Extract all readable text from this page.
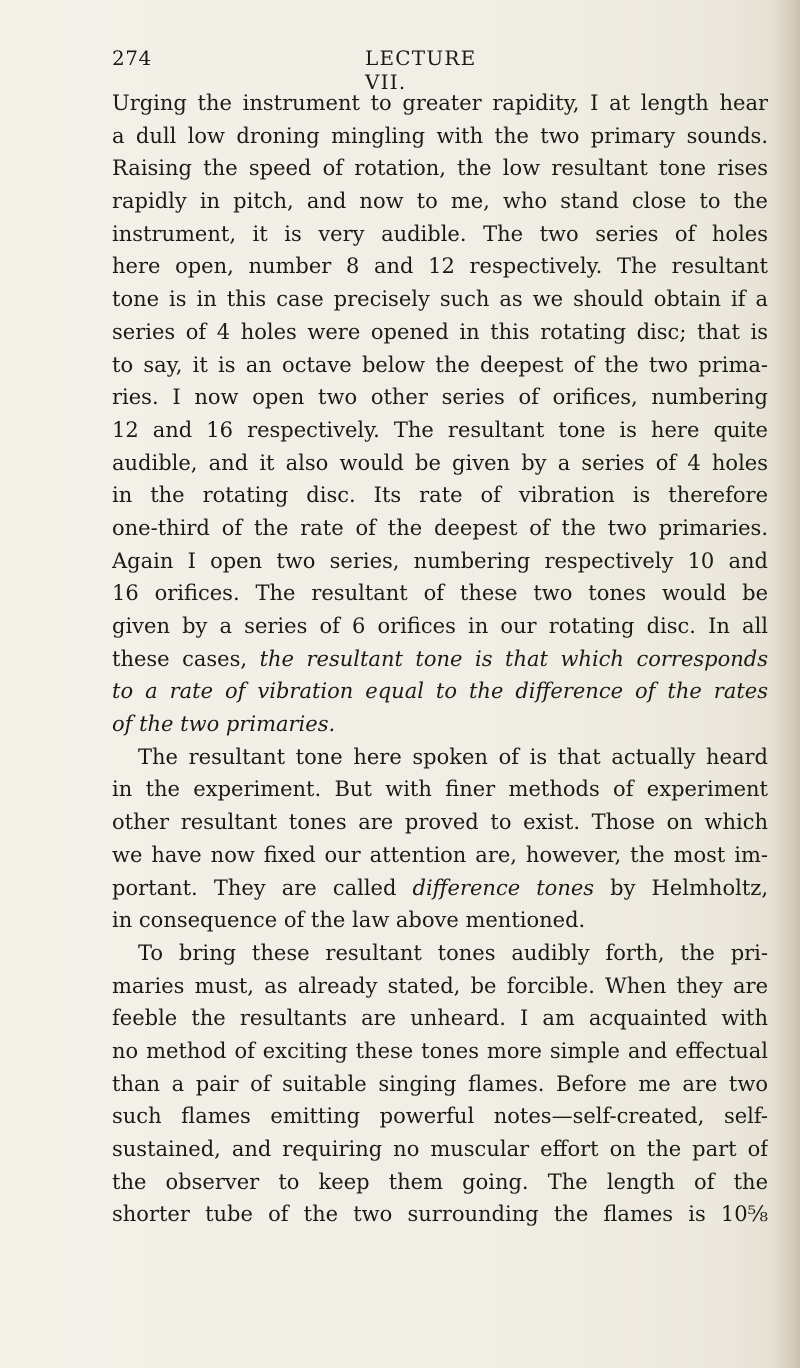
274	LECTURE VII.
Urging the instrument to greater rapidity, I at length hear
a dull low droning mingling with the two primary sounds.
Raising the speed of rotation, the low resultant tone rises
rapidly in pitch, and now to me, who stand close to the
instrument, it is very audible. The two series of holes
here open, number 8 and 12 respectively. The resultant
tone is in this case precisely such as we should obtain if a
series of 4 holes were opened in this rotating disc; that is
to say, it is an octave below the deepest of the two prima-
ries. I now open two other series of orifices, numbering
12 and 16 respectively. The resultant tone is here quite
audible, and it also would be given by a series of 4 holes
in the rotating disc. Its rate of vibration is therefore
one-third of the rate of the deepest of the two primaries.
Again I open two series, numbering respectively 10 and
16 orifices. The resultant of these two tones would be
given by a series of 6 orifices in our rotating disc. In all
these cases, the resultant tone is that which corresponds
to a rate of vibration equal to the difference of the rates
of the two primaries.
The resultant tone here spoken of is that actually heard
in the experiment. But with finer methods of experiment
other resultant tones are proved to exist. Those on which
we have now fixed our attention are, however, the most im-
portant. They are called difference tones by Helmholtz,
in consequence of the law above mentioned.
To bring these resultant tones audibly forth, the pri-
maries must, as already stated, be forcible. When they are
feeble the resultants are unheard. I am acquainted with
no method of exciting these tones more simple and effectual
than a pair of suitable singing flames. Before me are two
such flames emitting powerful notes—self-created, self-
sustained, and requiring no muscular effort on the part of
the observer to keep them going. The length of the
shorter tube of the two surrounding the flames is 10⅝
